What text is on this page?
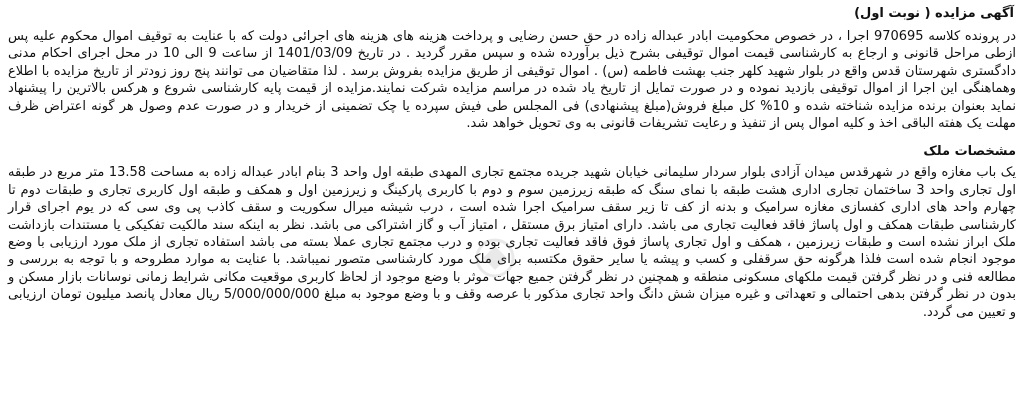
آگهی مزایده ( نوبت اول)

در پرونده کلاسه 970695 اجرا ، در خصوص محکومیت ابادر عبداله زاده در حق حسن رضایی و پرداخت هزینه های هزینه های اجرائی دولت که با عنایت به توقیف اموال محکوم علیه پس ازطی مراحل قانونی و ارجاع به کارشناسی قیمت اموال توقیفی بشرح ذیل برآورده شده و سپس مقرر گردید . در تاریخ 1401/03/09 از ساعت 9 الی 10 در محل اجرای احکام مدنی دادگستری شهرستان قدس واقع در بلوار شهید کلهر جنب بهشت فاطمه (س) . اموال توقیفی از طریق مزایده بفروش برسد . لذا متقاضیان می توانند پنج روز زودتر از تاریخ مزایده با اطلاع وهماهنگی این اجرا از اموال توقیفی بازدید نموده و در صورت تمایل از تاریخ یاد شده در مراسم مزایده شرکت نمایند.مزایده از قیمت پایه کارشناسی شروع و هرکس بالاترین را پیشنهاد نماید بعنوان برنده مزایده شناخته شده و 10% کل مبلغ فروش(مبلغ پیشنهادی) فی المجلس طی فیش سپرده یا چک تضمینی از خریدار و در صورت عدم وصول هر گونه اعتراض ظرف مهلت یک هفته الباقی اخذ و کلیه اموال پس از تنفیذ و رعایت تشریفات قانونی به وی تحویل خواهد شد.

مشخصات ملک

یک باب مغازه واقع در شهرقدس میدان آزادی بلوار سردار سلیمانی خیابان شهید جریده مجتمع تجاری المهدی طبقه اول واحد 3 بنام ابادر عبداله زاده به مساحت 13.58 متر مربع در طبقه اول تجاری واحد 3 ساختمان تجاری اداری هشت طبقه با نمای سنگ که طبقه زیرزمین سوم و دوم با کاربری پارکینگ و زیرزمین اول و همکف و طبقه اول کاربری تجاری و طبقات دوم تا چهارم واحد های اداری کفسازی مغازه سرامیک و بدنه از کف تا زیر سقف سرامیک اجرا شده است ، درب شیشه میرال سکوریت و سقف کاذب پی وی سی که در یوم اجرای قرار کارشناسی طبقات همکف و اول پاساژ فاقد فعالیت تجاری می باشد. دارای امتیاز برق مستقل ، امتیاز آب و گاز اشتراکی می باشد. نظر به اینکه سند مالکیت تفکیکی یا مستندات بازداشت ملک ابراز نشده است و طبقات زیرزمین ، همکف و اول تجاری پاساژ فوق فاقد فعالیت تجاری بوده و درب مجتمع تجاری عملا بسته می باشد استفاده تجاری از ملک مورد ارزیابی با وضع موجود انجام شده است فلذا هرگونه حق سرقفلی و کسب و پیشه یا سایر حقوق مکتسبه برای ملک مورد کارشناسی متصور نمیباشد. با عنایت به موارد مطروحه و با توجه به بررسی و مطالعه فنی و در نظر گرفتن قیمت ملکهای مسکونی منطقه و همچنین در نظر گرفتن جمیع جهات موثر با وضع موجود از لحاظ کاربری موقعیت مکانی شرایط زمانی نوسانات بازار مسکن و بدون در نظر گرفتن بدهی احتمالی و تعهداتی و غیره میزان شش دانگ واحد تجاری مذکور با عرصه وقف و با وضع موجود به مبلغ 5/000/000/000 ریال معادل پانصد میلیون تومان ارزیابی و تعیین می گردد.
